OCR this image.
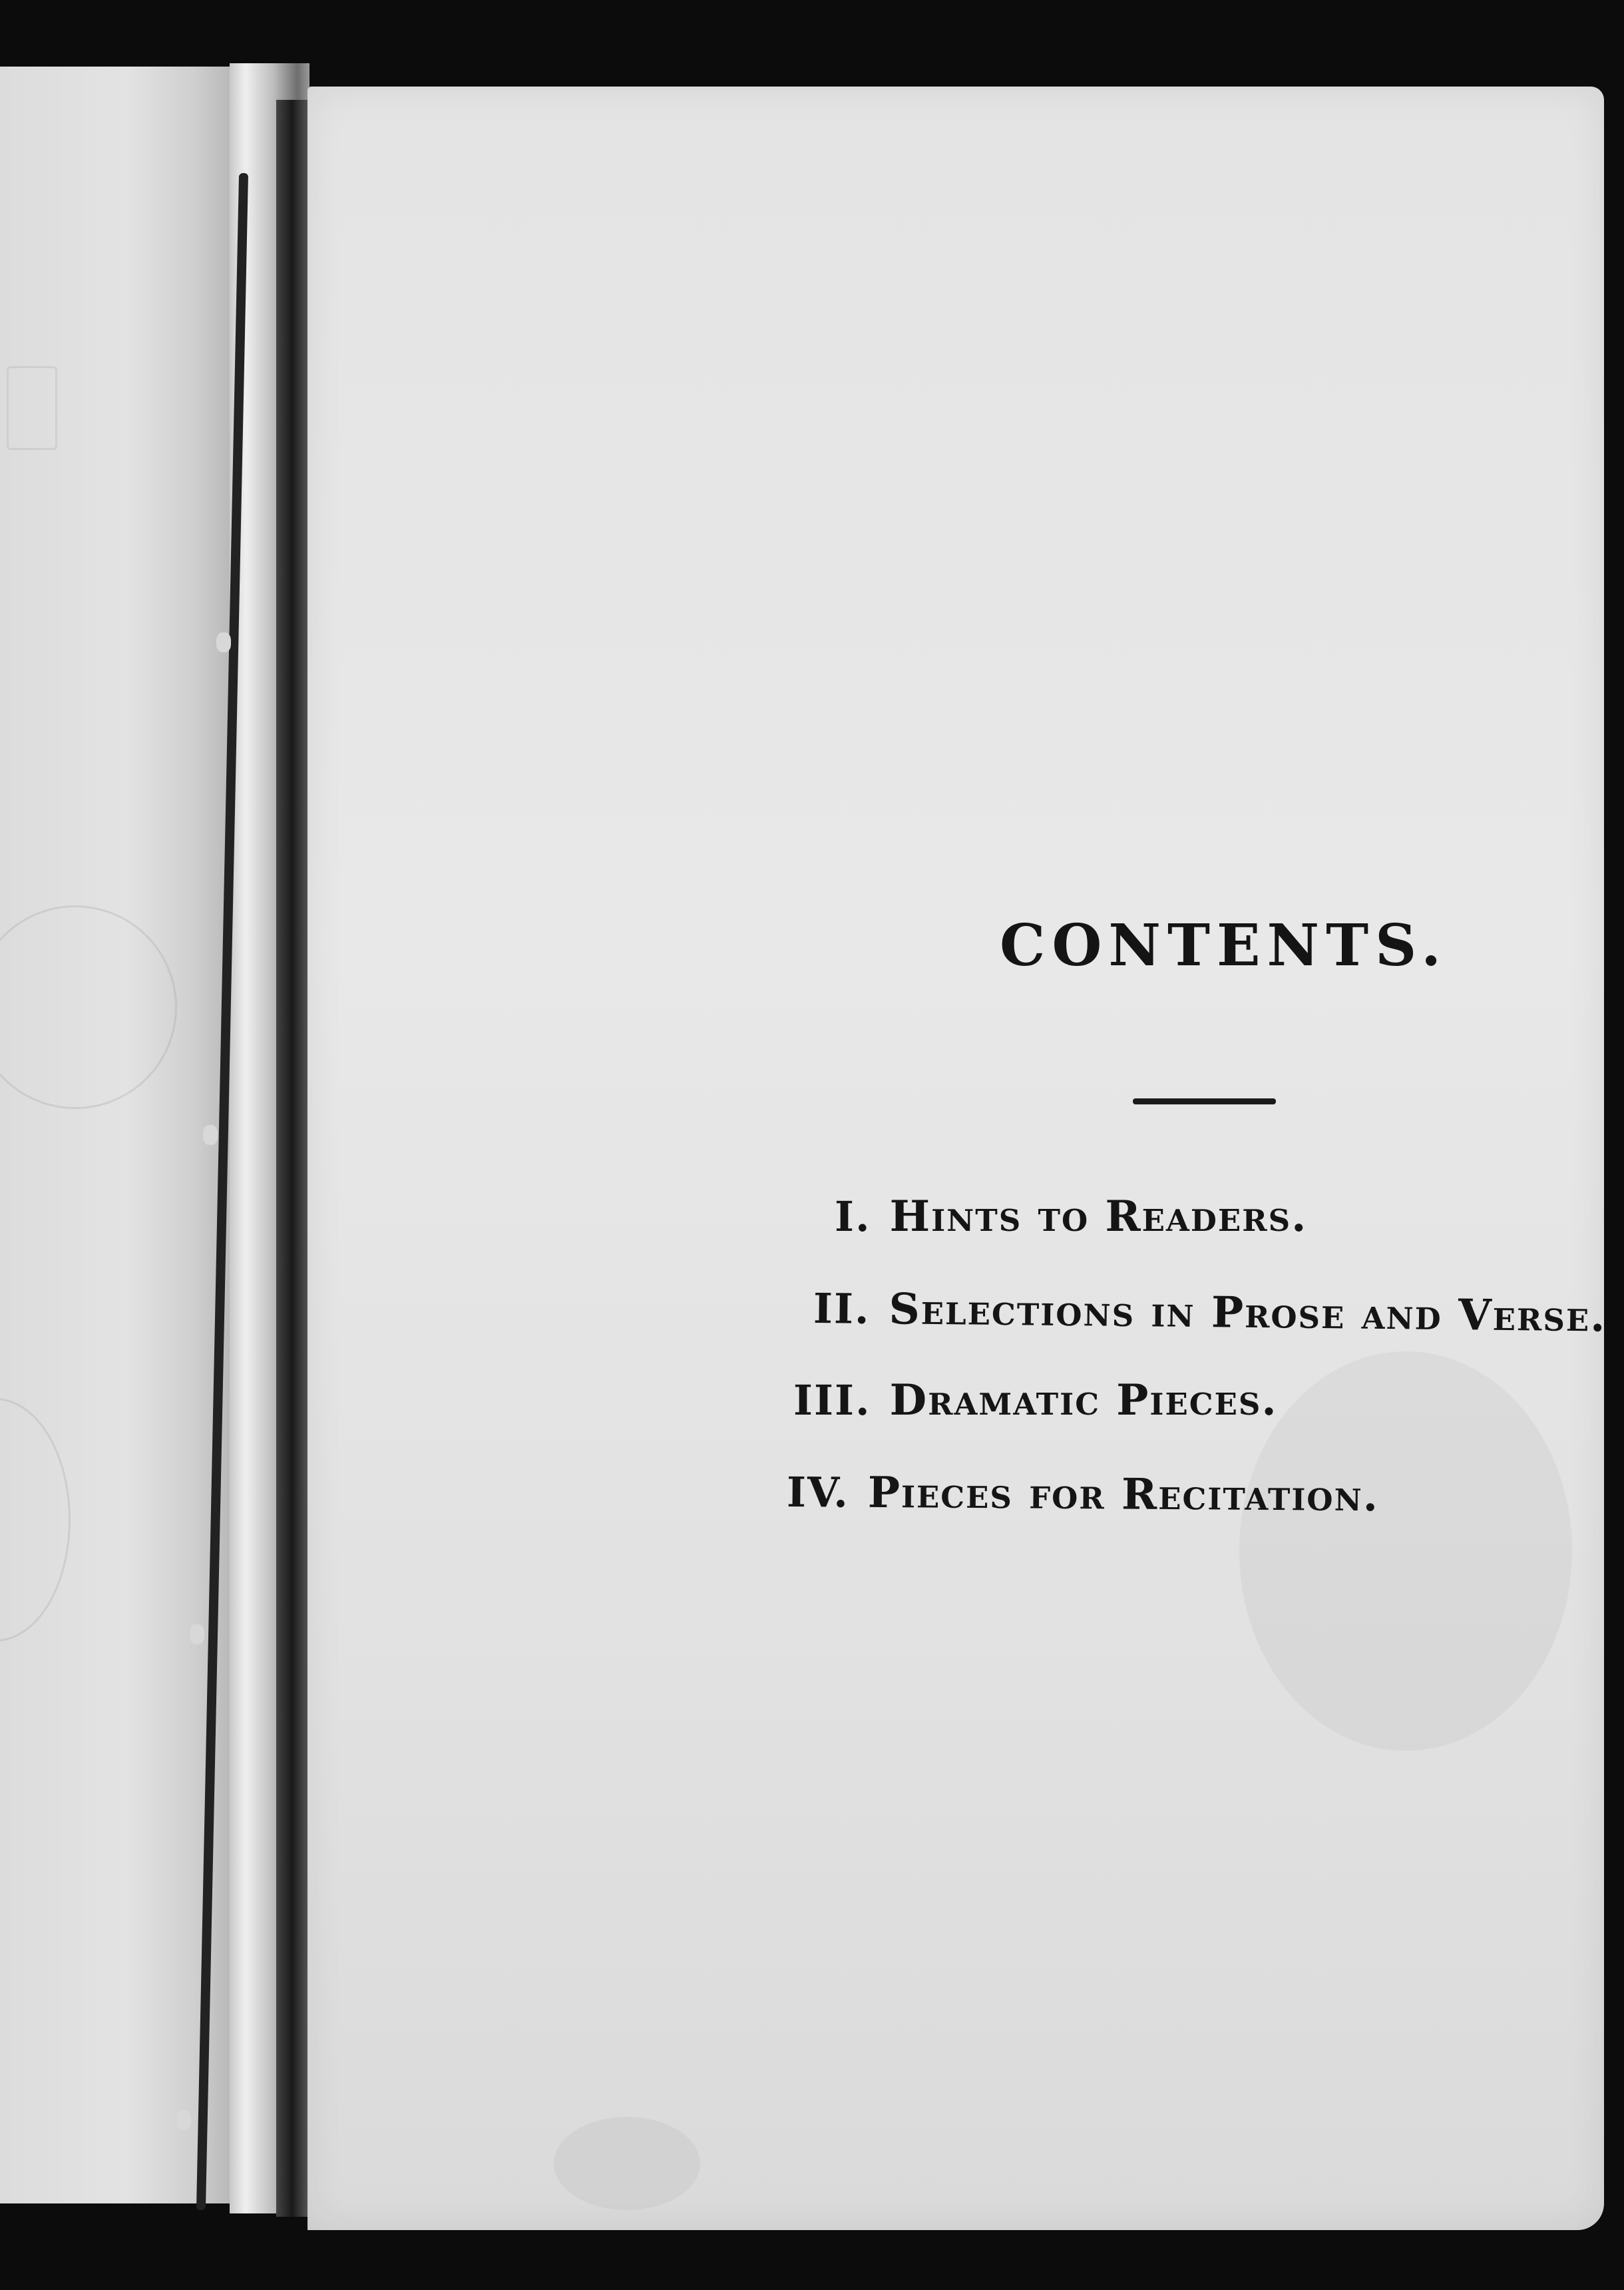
CONTENTS.
I. Hints to Readers.
II. Selections in Prose and Verse.
III. Dramatic Pieces.
IV. Pieces for Recitation.
